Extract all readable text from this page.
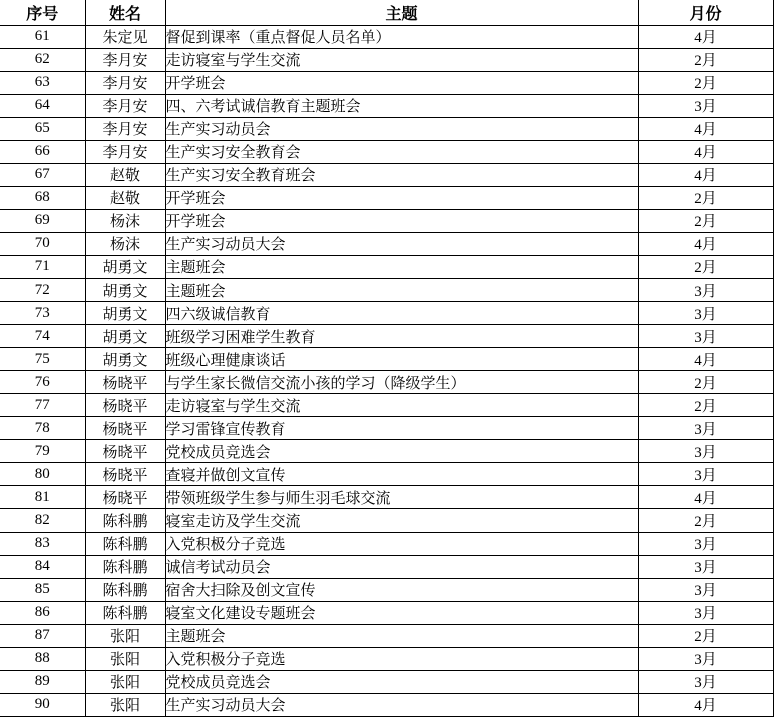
序号	姓名	主题	月份
61	朱定见	督促到课率（重点督促人员名单）	4月
62	李月安	走访寝室与学生交流	2月
63	李月安	开学班会	2月
64	李月安	四、六考试诚信教育主题班会	3月
65	李月安	生产实习动员会	4月
66	李月安	生产实习安全教育会	4月
67	赵敬	生产实习安全教育班会	4月
68	赵敬	开学班会	2月
69	杨沫	开学班会	2月
70	杨沫	生产实习动员大会	4月
71	胡勇文	主题班会	2月
72	胡勇文	主题班会	3月
73	胡勇文	四六级诚信教育	3月
74	胡勇文	班级学习困难学生教育	3月
75	胡勇文	班级心理健康谈话	4月
76	杨晓平	与学生家长微信交流小孩的学习（降级学生）	2月
77	杨晓平	走访寝室与学生交流	2月
78	杨晓平	学习雷锋宣传教育	3月
79	杨晓平	党校成员竞选会	3月
80	杨晓平	查寝并做创文宣传	3月
81	杨晓平	带领班级学生参与师生羽毛球交流	4月
82	陈科鹏	寝室走访及学生交流	2月
83	陈科鹏	入党积极分子竞选	3月
84	陈科鹏	诚信考试动员会	3月
85	陈科鹏	宿舍大扫除及创文宣传	3月
86	陈科鹏	寝室文化建设专题班会	3月
87	张阳	主题班会	2月
88	张阳	入党积极分子竞选	3月
89	张阳	党校成员竞选会	3月
90	张阳	生产实习动员大会	4月
